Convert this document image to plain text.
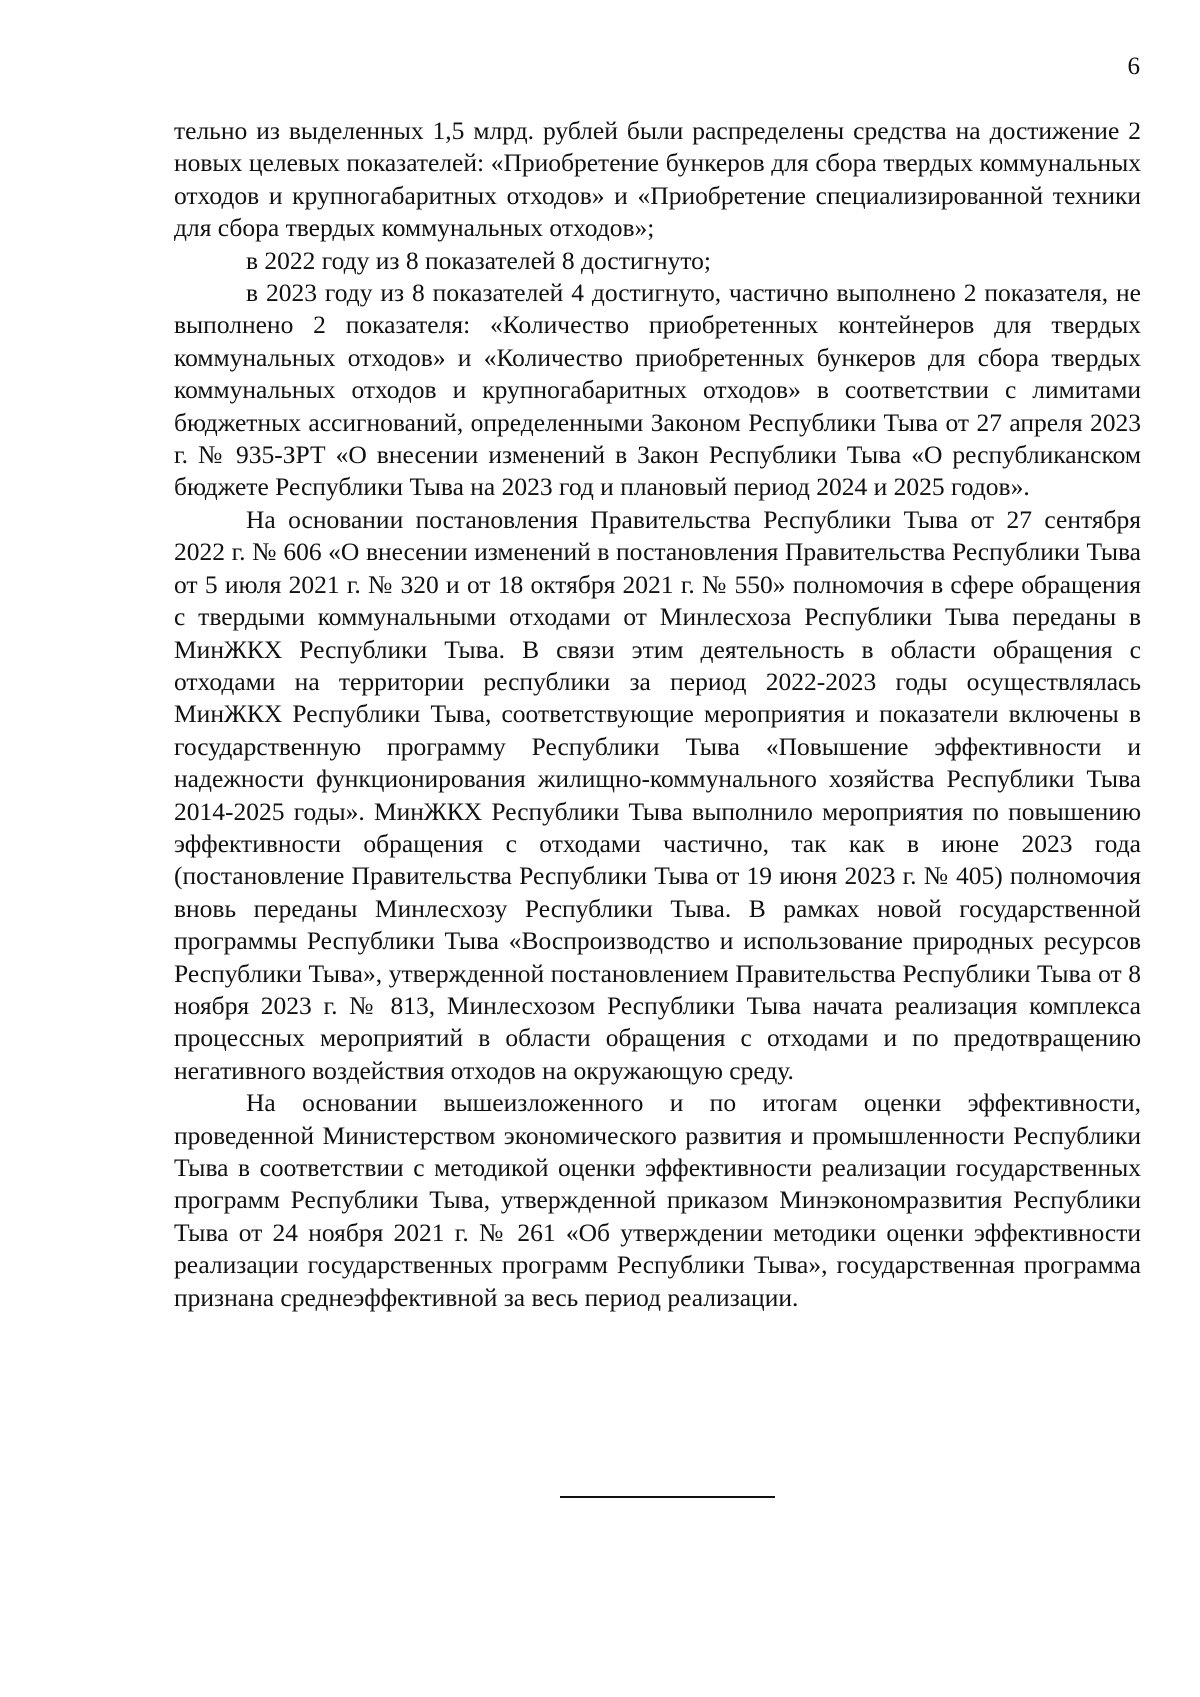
6

тельно из выделенных 1,5 млрд. рублей были распределены средства на достижение 2 новых целевых показателей: «Приобретение бункеров для сбора твердых коммунальных отходов и крупногабаритных отходов» и «Приобретение специализированной техники для сбора твердых коммунальных отходов»;

в 2022 году из 8 показателей 8 достигнуто;

в 2023 году из 8 показателей 4 достигнуто, частично выполнено 2 показателя, не выполнено 2 показателя: «Количество приобретенных контейнеров для твердых коммунальных отходов» и «Количество приобретенных бункеров для сбора твердых коммунальных отходов и крупногабаритных отходов» в соответствии с лимитами бюджетных ассигнований, определенными Законом Республики Тыва от 27 апреля 2023 г. № 935-ЗРТ «О внесении изменений в Закон Республики Тыва «О республиканском бюджете Республики Тыва на 2023 год и плановый период 2024 и 2025 годов».

На основании постановления Правительства Республики Тыва от 27 сентября 2022 г. № 606 «О внесении изменений в постановления Правительства Республики Тыва от 5 июля 2021 г. № 320 и от 18 октября 2021 г. № 550» полномочия в сфере обращения с твердыми коммунальными отходами от Минлесхоза Республики Тыва переданы в МинЖКХ Республики Тыва. В связи этим деятельность в области обращения с отходами на территории республики за период 2022-2023 годы осуществлялась МинЖКХ Республики Тыва, соответствующие мероприятия и показатели включены в государственную программу Республики Тыва «Повышение эффективности и надежности функционирования жилищно-коммунального хозяйства Республики Тыва 2014-2025 годы». МинЖКХ Республики Тыва выполнило мероприятия по повышению эффективности обращения с отходами частично, так как в июне 2023 года (постановление Правительства Республики Тыва от 19 июня 2023 г. № 405) полномочия вновь переданы Минлесхозу Республики Тыва. В рамках новой государственной программы Республики Тыва «Воспроизводство и использование природных ресурсов Республики Тыва», утвержденной постановлением Правительства Республики Тыва от 8 ноября 2023 г. № 813, Минлесхозом Республики Тыва начата реализация комплекса процессных мероприятий в области обращения с отходами и по предотвращению негативного воздействия отходов на окружающую среду.

На основании вышеизложенного и по итогам оценки эффективности, проведенной Министерством экономического развития и промышленности Республики Тыва в соответствии с методикой оценки эффективности реализации государственных программ Республики Тыва, утвержденной приказом Минэкономразвития Республики Тыва от 24 ноября 2021 г. № 261 «Об утверждении методики оценки эффективности реализации государственных программ Республики Тыва», государственная программа признана среднеэффективной за весь период реализации.
